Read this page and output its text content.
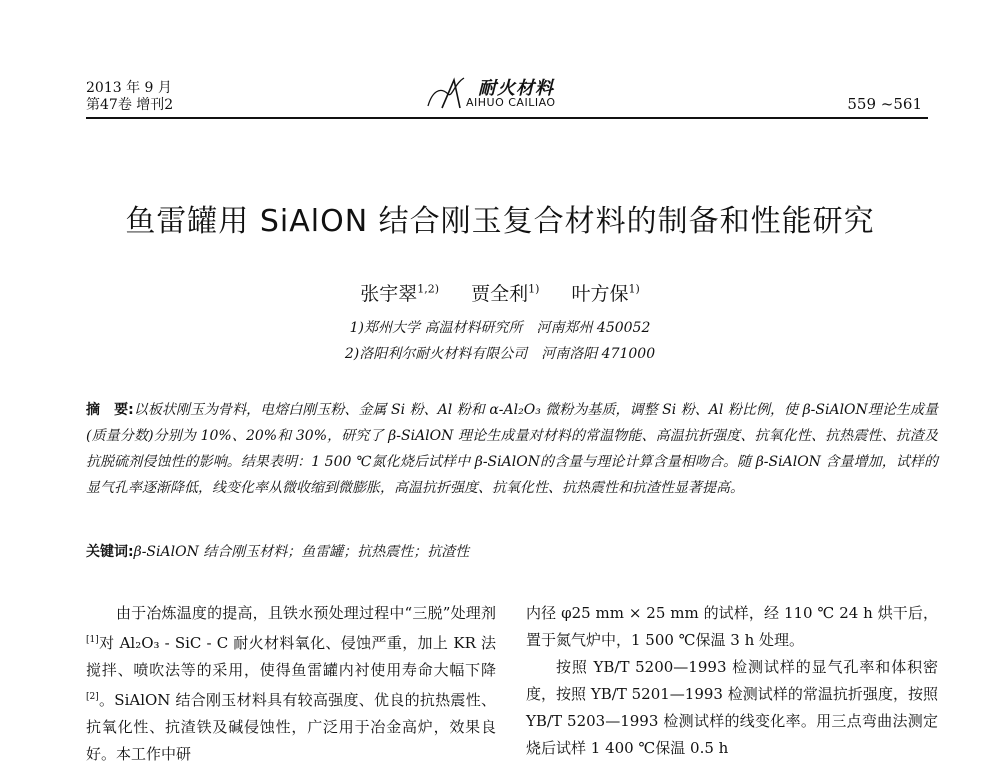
2013 年 9 月
第47卷 增刊2
耐火材料
AIHUO CAILIAO	559 ~561
鱼雷罐用 SiAlON 结合刚玉复合材料的制备和性能研究
张宇翠$^{1,2)}$ 贾全利$^{1)}$ 叶方保$^{1)}$
1)郑州大学 高温材料研究所　河南郑州 450052
2)洛阳利尔耐火材料有限公司　河南洛阳 471000
摘　要:以板状刚玉为骨料，电熔白刚玉粉、金属 Si 粉、Al 粉和 α-Al₂O₃ 微粉为基质，调整 Si 粉、Al 粉比例，使 β-SiAlON理论生成量(质量分数)分别为 10%、20%和 30%，研究了 β-SiAlON 理论生成量对材料的常温物能、高温抗折强度、抗氧化性、抗热震性、抗渣及抗脱硫剂侵蚀性的影响。结果表明：1 500 ℃氮化烧后试样中 β-SiAlON的含量与理论计算含量相吻合。随 β-SiAlON 含量增加，试样的显气孔率逐渐降低，线变化率从微收缩到微膨胀，高温抗折强度、抗氧化性、抗热震性和抗渣性显著提高。
关键词:β-SiAlON 结合刚玉材料；鱼雷罐；抗热震性；抗渣性

由于冶炼温度的提高，且铁水预处理过程中“三脱”处理剂[1]对 Al₂O₃ - SiC - C 耐火材料氧化、侵蚀严重，加上 KR 法搅拌、喷吹法等的采用，使得鱼雷罐内衬使用寿命大幅下降[2]。SiAlON 结合刚玉材料具有较高强度、优良的抗热震性、抗氧化性、抗渣铁及碱侵蚀性，广泛用于冶金高炉，效果良好。本工作中研

内径 φ25 mm × 25 mm 的试样，经 110 ℃ 24 h 烘干后，置于氮气炉中，1 500 ℃保温 3 h 处理。

按照 YB/T 5200—1993 检测试样的显气孔率和体积密度，按照 YB/T 5201—1993 检测试样的常温抗折强度，按照 YB/T 5203—1993 检测试样的线变化率。用三点弯曲法测定烧后试样 1 400 ℃保温 0.5 h
